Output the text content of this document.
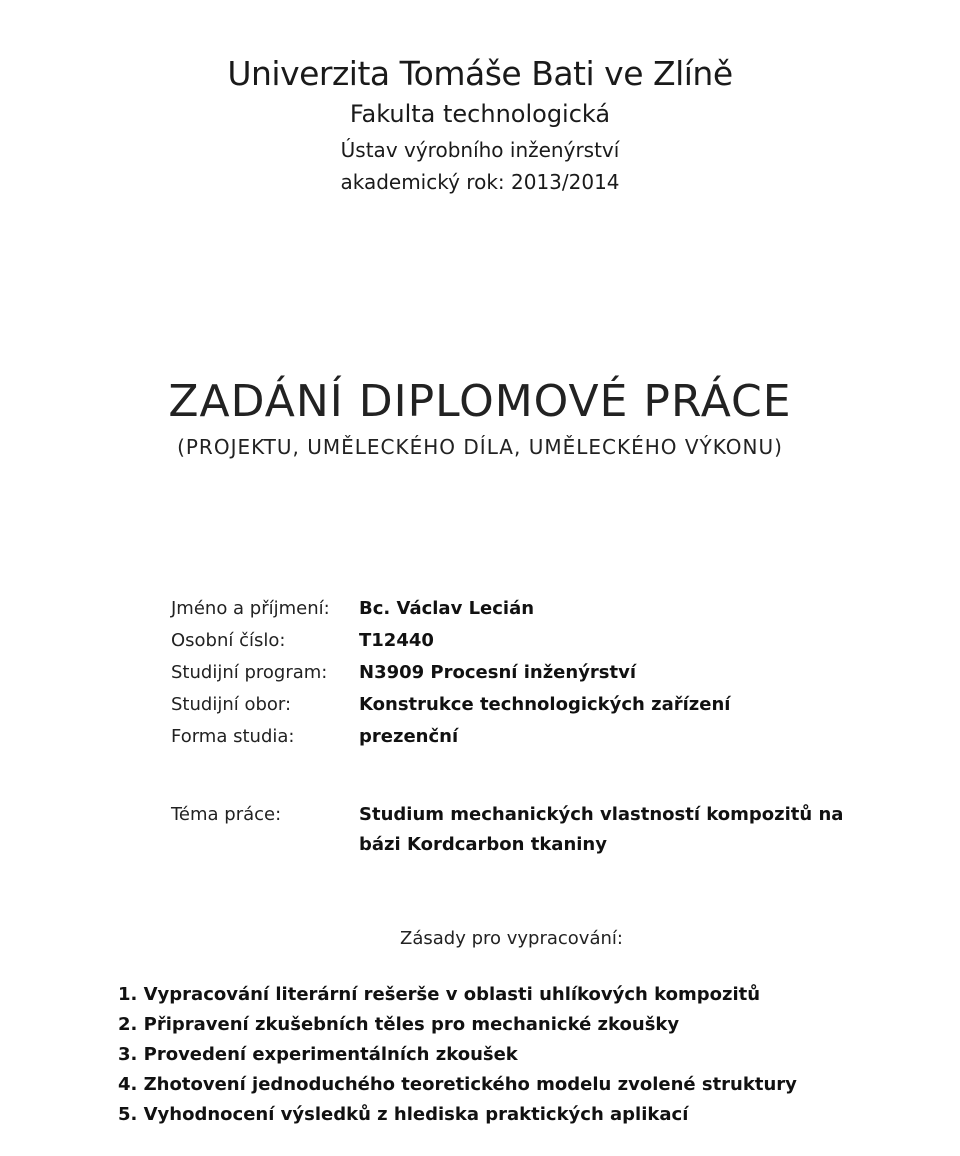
Univerzita Tomáše Bati ve Zlíně
Fakulta technologická
Ústav výrobního inženýrství
akademický rok: 2013/2014
ZADÁNÍ DIPLOMOVÉ PRÁCE
(PROJEKTU, UMĚLECKÉHO DÍLA, UMĚLECKÉHO VÝKONU)
Jméno a příjmení:	Bc. Václav Lecián
Osobní číslo:	T12440
Studijní program:	N3909 Procesní inženýrství
Studijní obor:	Konstrukce technologických zařízení
Forma studia:	prezenční
Téma práce:	Studium mechanických vlastností kompozitů na bázi Kordcarbon tkaniny
Zásady pro vypracování:
1. Vypracování literární rešerše v oblasti uhlíkových kompozitů
2. Připravení zkušebních těles pro mechanické zkoušky
3. Provedení experimentálních zkoušek
4. Zhotovení jednoduchého teoretického modelu zvolené struktury
5. Vyhodnocení výsledků z hlediska praktických aplikací
